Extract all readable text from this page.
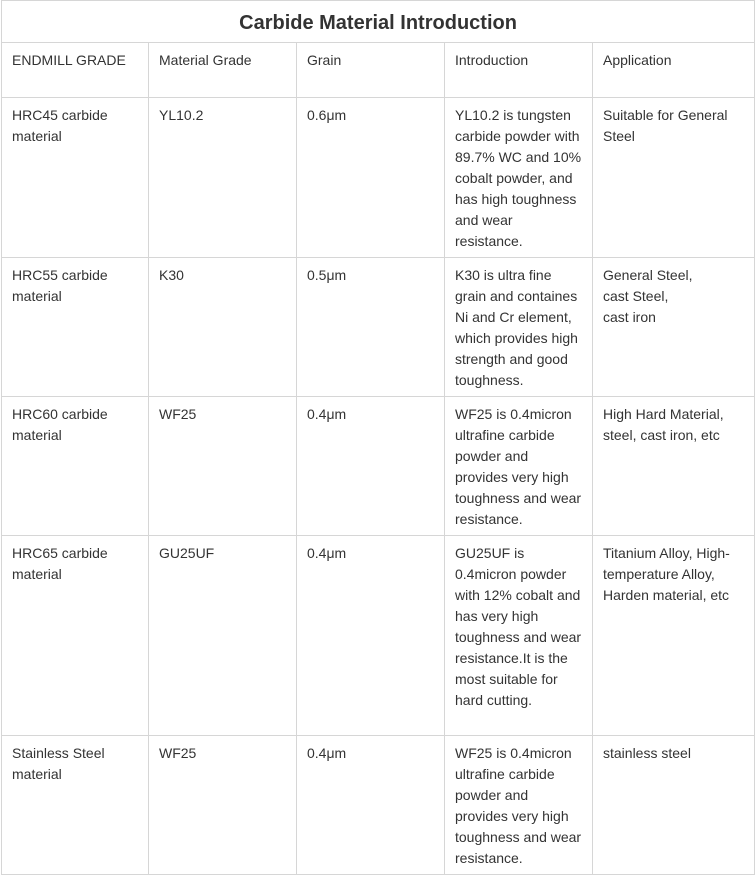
Carbide Material Introduction				
ENDMILL GRADE	Material Grade	Grain	Introduction	Application
HRC45 carbide material	YL10.2	0.6μm	YL10.2 is tungsten carbide powder with 89.7% WC and 10% cobalt powder, and has high toughness and wear resistance.	Suitable for General Steel

HRC55 carbide material	K30	0.5μm	K30 is ultra fine grain and containes Ni and Cr element, which provides high strength and good toughness.	General Steel,
cast Steel,
cast iron

HRC60 carbide material	WF25	0.4μm	WF25 is 0.4micron ultrafine carbide powder and provides very high toughness and wear resistance.	High Hard Material, steel, cast iron, etc

HRC65 carbide material	GU25UF	0.4μm	GU25UF is 0.4micron powder with 12% cobalt and has very high toughness and wear resistance.It is the most suitable for hard cutting.	Titanium Alloy, High-temperature Alloy, Harden material, etc

Stainless Steel material	WF25	0.4μm	WF25 is 0.4micron ultrafine carbide powder and provides very high toughness and wear resistance.	stainless steel
